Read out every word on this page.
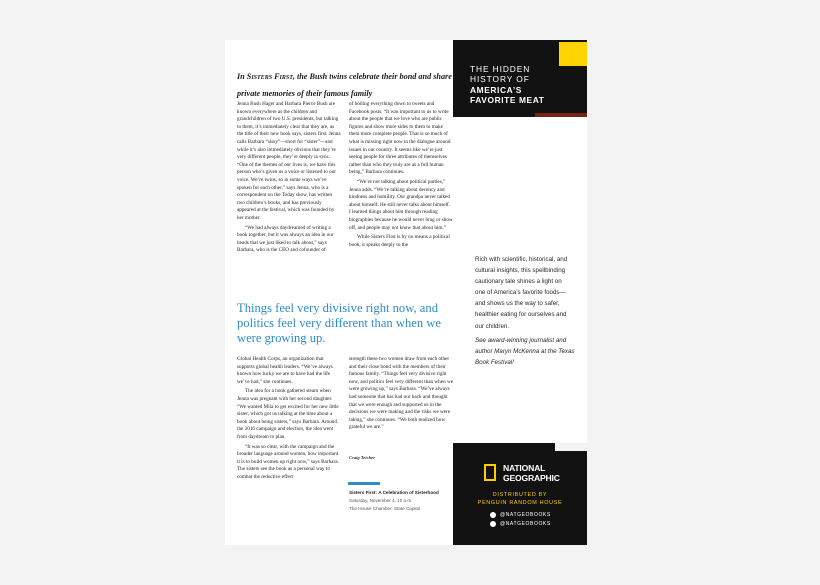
In Sisters First, the Bush twins celebrate their bond and share private memories of their famous family

Jenna Bush Hager and Barbara Pierce Bush are known everywhere as the children and grandchildren of two U.S. presidents, but talking to them, it’s immediately clear that they are, as the title of their new book says, sisters first. Jenna calls Barbara “sissy”—short for “sister”—and while it’s also immediately obvious that they’re very different people, they’re deeply in sync. “One of the themes of our lives is, we have this person who’s given us a voice or listened to our voice. We’re twins, so in some ways we’ve spoken for each other,” says Jenna, who is a correspondent on the Today show, has written two children’s books, and has previously appeared at the festival, which was founded by her mother.

“We had always daydreamed of writing a book together, but it was always an idea in our heads that we just liked to talk about,” says Barbara, who is the CEO and cofounder of

of boiling everything down to tweets and Facebook posts. “It was important to us to write about the people that we love who are public figures and show more sides to them to make them more complete people. That is so much of what is missing right now in the dialogue around issues in our country. It seems like we’re just seeing people for three attributes of themselves rather than who they truly are as a full human being,” Barbara continues.

“We’re not talking about political parties,” Jenna adds. “We’re talking about decency and kindness and humility. Our grandpa never talked about himself. He still never talks about himself. I learned things about him through reading biographies because he would never brag or show off, and people may not know that about him.”

While Sisters First is by no means a political book, it speaks deeply to the

Things feel very divisive right now, and politics feel very different than when we were growing up.

Global Health Corps, an organization that supports global health leaders. “We’ve always known how lucky we are to have had the life we’ve had,” she continues.

The idea for a book gathered steam when Jenna was pregnant with her second daughter. “We wanted Mila to get excited for her new little sister, which got us talking at the time about a book about being sisters,” says Barbara. Around the 2016 campaign and election, the idea went from daydream to plan.

“It was so clear, with the campaign and the broader language around women, how important it is to build women up right now,” says Barbara. The sisters see the book as a personal way to combat the reductive effect

strength these two women draw from each other and their close bond with the members of their famous family. “Things feel very divisive right now, and politics feel very different than when we were growing up,” says Barbara. “We’ve always had someone that has had our back and thought that we were enough and supported us in the decisions we were making and the risks we were taking,” she continues. “We both realized how grateful we are.”

Craig Teicher
Sisters First: A Celebration of Sisterhood
Saturday, November 4, 10 a.m.
The House Chamber, State Capitol
THE HIDDEN
HISTORY OF
AMERICA’S
FAVORITE MEAT

Rich with scientific, historical, and cultural insights, this spellbinding cautionary tale shines a light on one of America’s favorite foods—and shows us the way to safer, healthier eating for ourselves and our children.

See award-winning journalist and author Maryn McKenna at the Texas Book Festival!

NATIONAL
GEOGRAPHIC
DISTRIBUTED BY
PENGUIN RANDOM HOUSE
@NATGEOBOOKS
@NATGEOBOOKS
